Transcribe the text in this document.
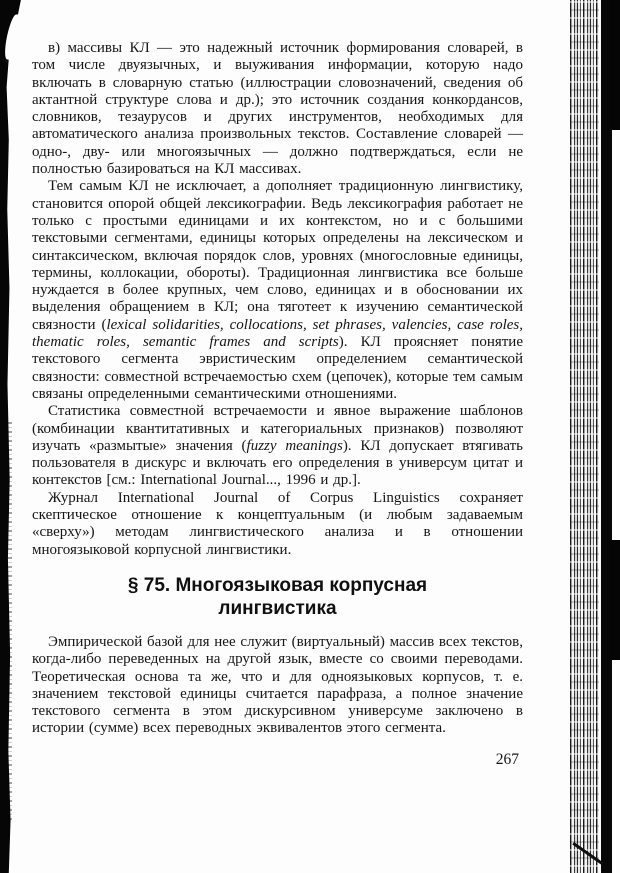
в) массивы КЛ — это надежный источник формирования словарей, в том числе двуязычных, и выуживания информации, которую надо включать в словарную статью (иллюстрации словозначений, сведения об актантной структуре слова и др.); это источник создания конкордансов, словников, тезаурусов и других инструментов, необходимых для автоматического анализа произвольных текстов. Составление словарей — одно-, дву- или многоязычных — должно подтверждаться, если не полностью базироваться на КЛ массивах.

Тем самым КЛ не исключает, а дополняет традиционную лингвистику, становится опорой общей лексикографии. Ведь лексикография работает не только с простыми единицами и их контекстом, но и с большими текстовыми сегментами, единицы которых определены на лексическом и синтаксическом, включая порядок слов, уровнях (многословные единицы, термины, коллокации, обороты). Традиционная лингвистика все больше нуждается в более крупных, чем слово, единицах и в обосновании их выделения обращением в КЛ; она тяготеет к изучению семантической связности (lexical solidarities, collocations, set phrases, valencies, case roles, thematic roles, semantic frames and scripts). КЛ проясняет понятие текстового сегмента эвристическим определением семантической связности: совместной встречаемостью схем (цепочек), которые тем самым связаны определенными семантическими отношениями.

Статистика совместной встречаемости и явное выражение шаблонов (комбинации квантитативных и категориальных признаков) позволяют изучать «размытые» значения (fuzzy meanings). КЛ допускает втягивать пользователя в дискурс и включать его определения в универсум цитат и контекстов [см.: International Journal..., 1996 и др.].

Журнал International Journal of Corpus Linguistics сохраняет скептическое отношение к концептуальным (и любым задаваемым «сверху») методам лингвистического анализа и в отношении многоязыковой корпусной лингвистики.

§ 75. Многоязыковая корпусная
лингвистика

Эмпирической базой для нее служит (виртуальный) массив всех текстов, когда-либо переведенных на другой язык, вместе со своими переводами. Теоретическая основа та же, что и для одноязыковых корпусов, т. е. значением текстовой единицы считается парафраза, а полное значение текстового сегмента в этом дискурсивном универсуме заключено в истории (сумме) всех переводных эквивалентов этого сегмента.

267
